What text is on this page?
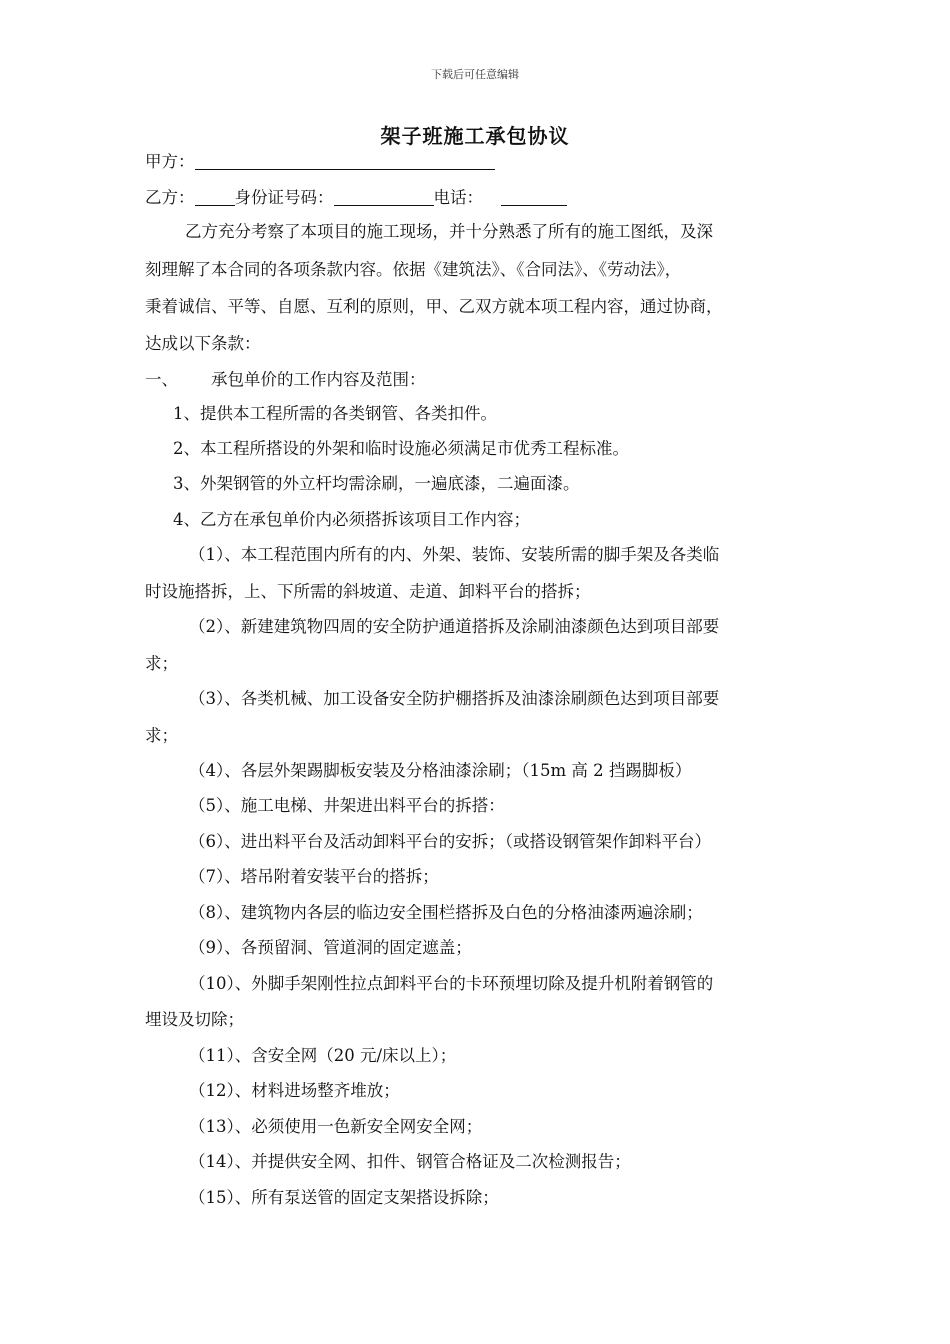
下载后可任意编辑
架子班施工承包协议
甲方：
乙方： 身份证号码：	电话：
乙方充分考察了本项目的施工现场，并十分熟悉了所有的施工图纸，及深
刻理解了本合同的各项条款内容。依据《建筑法》、《合同法》、《劳动法》，
秉着诚信、平等、自愿、互利的原则，甲、乙双方就本项工程内容，通过协商，
达成以下条款：
一、 承包单价的工作内容及范围：
1、提供本工程所需的各类钢管、各类扣件。
2、本工程所搭设的外架和临时设施必须满足市优秀工程标准。
3、外架钢管的外立杆均需涂刷，一遍底漆，二遍面漆。
4、乙方在承包单价内必须搭拆该项目工作内容；
（1）、本工程范围内所有的内、外架、装饰、安装所需的脚手架及各类临
时设施搭拆，上、下所需的斜坡道、走道、卸料平台的搭拆；
（2）、新建建筑物四周的安全防护通道搭拆及涂刷油漆颜色达到项目部要
求；
（3）、各类机械、加工设备安全防护棚搭拆及油漆涂刷颜色达到项目部要
求；
（4）、各层外架踢脚板安装及分格油漆涂刷；（15m 高 2 挡踢脚板）
（5）、施工电梯、井架进出料平台的拆搭：
（6）、进出料平台及活动卸料平台的安拆；（或搭设钢管架作卸料平台）
（7）、塔吊附着安装平台的搭拆；
（8）、建筑物内各层的临边安全围栏搭拆及白色的分格油漆两遍涂刷；
（9）、各预留洞、管道洞的固定遮盖；
（10）、外脚手架刚性拉点卸料平台的卡环预埋切除及提升机附着钢管的
埋设及切除；
（11）、含安全网（20 元/床以上）；
（12）、材料进场整齐堆放；
（13）、必须使用一色新安全网安全网；
（14）、并提供安全网、扣件、钢管合格证及二次检测报告；
（15）、所有泵送管的固定支架搭设拆除；
